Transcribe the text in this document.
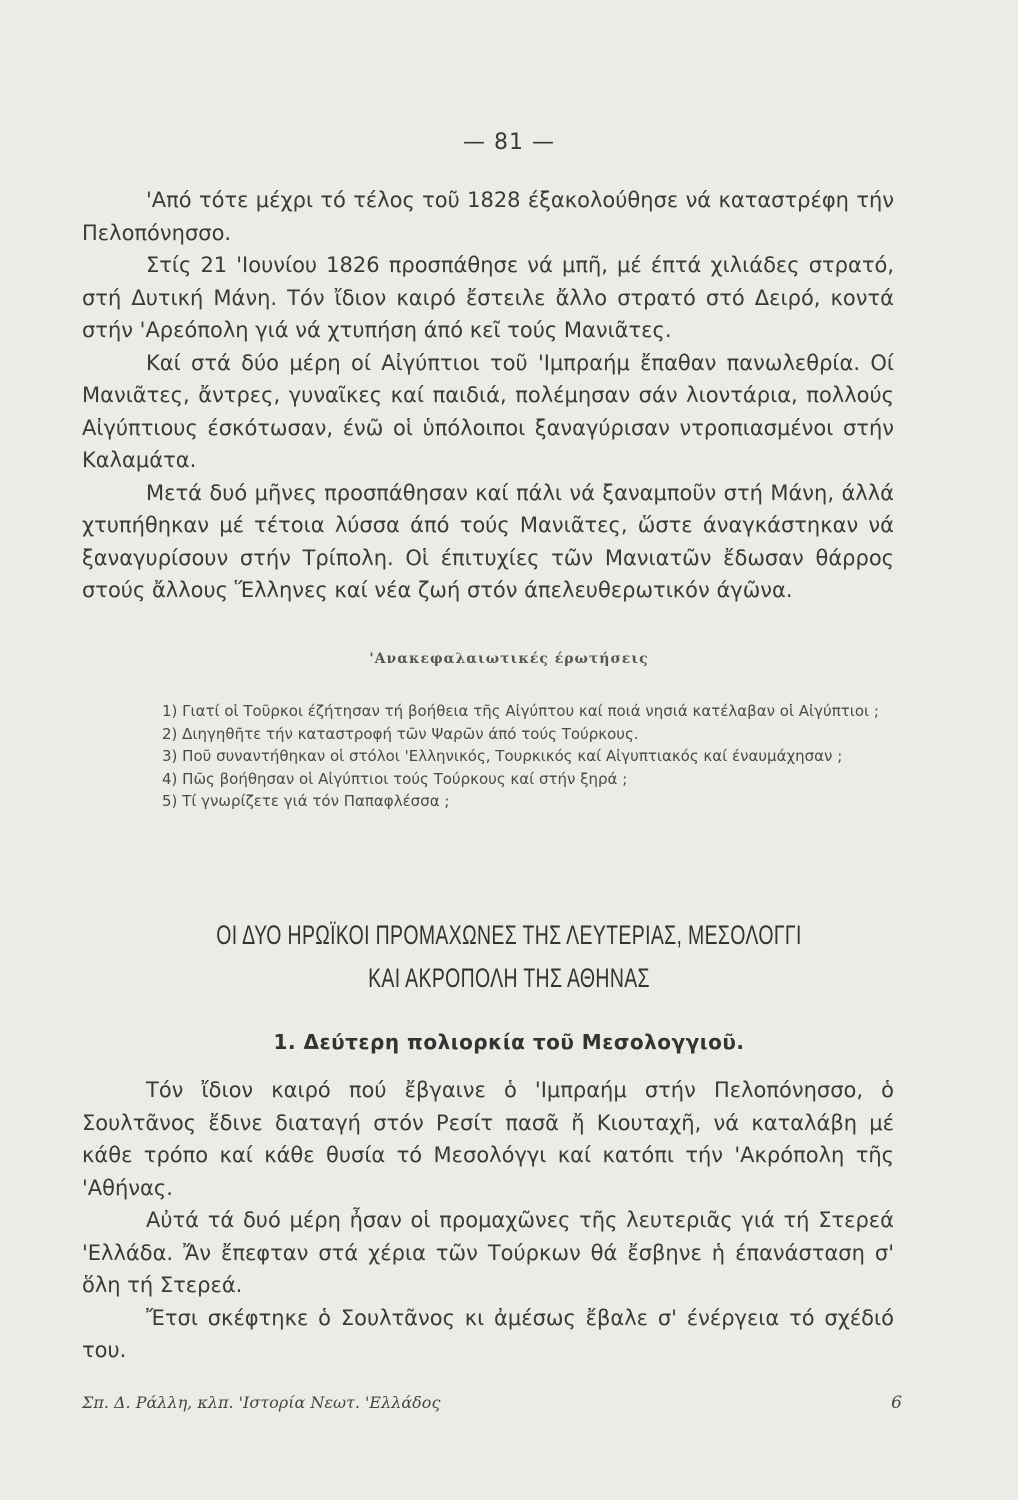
— 81 —

'Από τότε μέχρι τό τέλος τοῦ 1828 έξακολούθησε νά καταστρέφη τήν Πελοπόνησσο.

Στίς 21 'Ιουνίου 1826 προσπάθησε νά μπῆ, μέ έπτά χιλιάδες στρατό, στή Δυτική Μάνη. Τόν ἴδιον καιρό ἔστειλε ἄλλο στρατό στό Δειρό, κοντά στήν 'Αρεόπολη γιά νά χτυπήση άπό κεῖ τούς Μανιᾶτες.

Καί στά δύο μέρη οί Αἰγύπτιοι τοῦ 'Ιμπραήμ ἔπαθαν πανωλεθρία. Οί Μανιᾶτες, ἄντρες, γυναῖκες καί παιδιά, πολέμησαν σάν λιοντάρια, πολλούς Αἰγύπτιους έσκότωσαν, ένῶ οἱ ὑπόλοιποι ξαναγύρισαν ντροπιασμένοι στήν Καλαμάτα.

Μετά δυό μῆνες προσπάθησαν καί πάλι νά ξαναμποῦν στή Μάνη, άλλά χτυπήθηκαν μέ τέτοια λύσσα άπό τούς Μανιᾶτες, ὥστε άναγκάστηκαν νά ξαναγυρίσουν στήν Τρίπολη. Οἱ έπιτυχίες τῶν Μανιατῶν ἔδωσαν θάρρος στούς ἄλλους Ἕλληνες καί νέα ζωή στόν άπελευθερωτικόν άγῶνα.

'Ανακεφαλαιωτικές έρωτήσεις

1) Γιατί οἱ Τοῦρκοι έζήτησαν τή βοήθεια τῆς Αἰγύπτου καί ποιά νησιά κατέλαβαν οἱ Αἰγύπτιοι ;

2) Διηγηθῆτε τήν καταστροφή τῶν Ψαρῶν άπό τούς Τούρκους.

3) Ποῦ συναντήθηκαν οἱ στόλοι 'Ελληνικός, Τουρκικός καί Αἰγυπτιακός καί έναυμάχησαν ;

4) Πῶς βοήθησαν οἱ Αἰγύπτιοι τούς Τούρκους καί στήν ξηρά ;

5) Τί γνωρίζετε γιά τόν Παπαφλέσσα ;

ΟΙ ΔΥΟ ΗΡΩΪΚΟΙ ΠΡΟΜΑΧΩΝΕΣ ΤΗΣ ΛΕΥΤΕΡΙΑΣ, ΜΕΣΟΛΟΓΓΙ
ΚΑΙ ΑΚΡΟΠΟΛΗ ΤΗΣ ΑΘΗΝΑΣ
1. Δεύτερη πολιορκία τοῦ Μεσολογγιοῦ.

Τόν ἴδιον καιρό πού ἔβγαινε ὁ 'Ιμπραήμ στήν Πελοπόνησσο, ὁ Σουλτᾶνος ἔδινε διαταγή στόν Ρεσίτ πασᾶ ἤ Κιουταχῆ, νά καταλάβη μέ κάθε τρόπο καί κάθε θυσία τό Μεσολόγγι καί κατόπι τήν 'Ακρόπολη τῆς 'Αθήνας.

Αὐτά τά δυό μέρη ἦσαν οἱ προμαχῶνες τῆς λευτεριᾶς γιά τή Στερεά 'Ελλάδα. Ἄν ἔπεφταν στά χέρια τῶν Τούρκων θά ἔσβηνε ἡ έπανάσταση σ' ὅλη τή Στερεά.

Ἔτσι σκέφτηκε ὁ Σουλτᾶνος κι ἀμέσως ἔβαλε σ' ένέργεια τό σχέδιό του.

Σπ. Δ. Ράλλη, κλπ. 'Ιστορία Νεωτ. 'Ελλάδος	6
